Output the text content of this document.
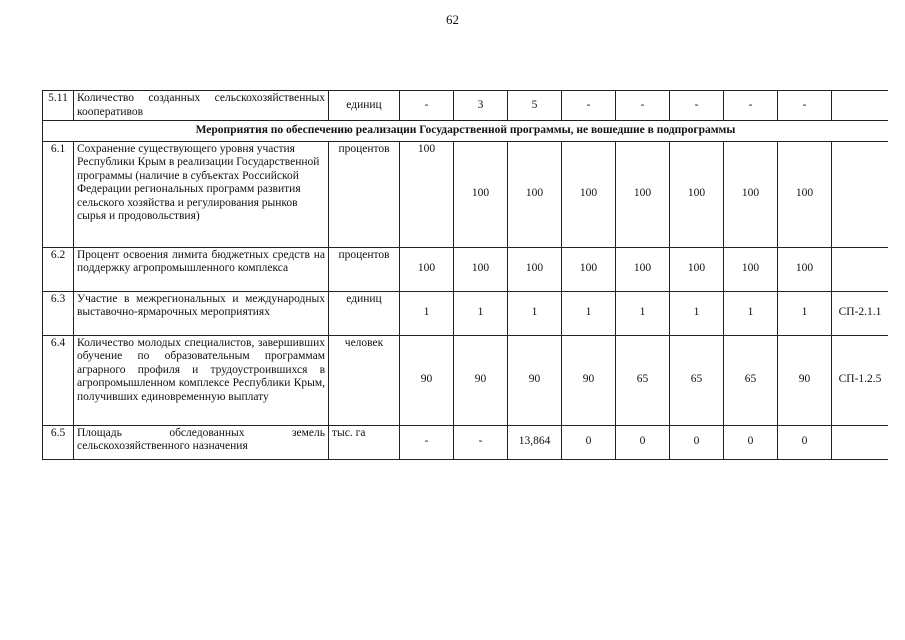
62
5.11	Количество созданных сельскохозяйственных кооперативов	единиц	-	3	5	-	-	-	-	-	
Мероприятия по обеспечению реализации Государственной программы, не вошедшие в подпрограммы											
6.1	Сохранение существующего уровня участия Республики Крым в реализации Государственной программы (наличие в субъектах Российской Федерации региональных программ развития сельского хозяйства и регулирования рынков сырья и продовольствия)	процентов	100	100	100	100	100	100	100	100	
6.2	Процент освоения лимита бюджетных средств на поддержку агропромышленного комплекса	процентов	100	100	100	100	100	100	100	100	
6.3	Участие в межрегиональных и международных выставочно-ярмарочных мероприятиях	единиц	1	1	1	1	1	1	1	1	СП-2.1.1
6.4	Количество молодых специалистов, завершивших обучение по образовательным программам аграрного профиля и трудоустроившихся в агропромышленном комплексе Республики Крым, получивших единовременную выплату	человек	90	90	90	90	65	65	65	90	СП-1.2.5
6.5	Площадь обследованных земель сельскохозяйственного назначения	тыс. га	-	-	13,864	0	0	0	0	0	
